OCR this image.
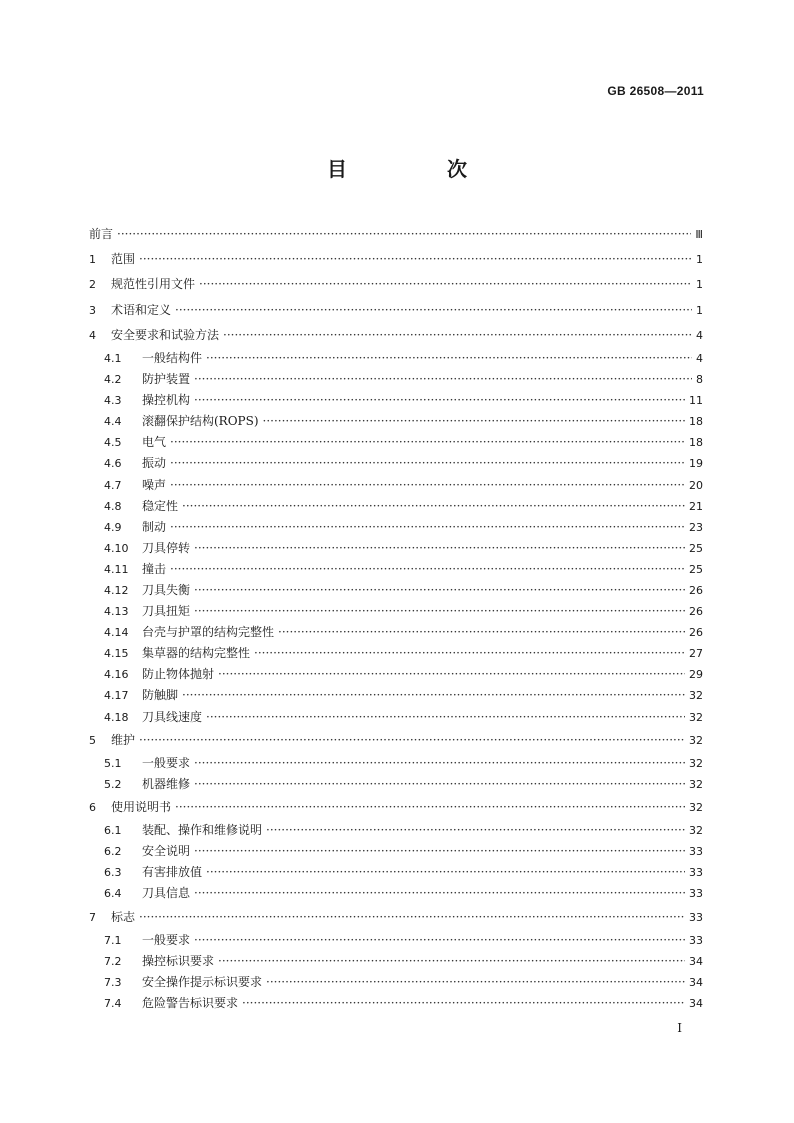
GB 26508—2011
目　次
前言 ·····	Ⅲ
1	范围 ·····	1
2	规范性引用文件 ·····	1
3	术语和定义 ·····	1
4	安全要求和试验方法 ·····	4
4.1	一般结构件 ·····	4
4.2	防护装置 ·····	8
4.3	操控机构 ·····	11
4.4	滚翻保护结构(ROPS) ·····	18
4.5	电气 ·····	18
4.6	振动 ·····	19
4.7	噪声 ·····	20
4.8	稳定性 ·····	21
4.9	制动 ·····	23
4.10	刀具停转 ·····	25
4.11	撞击 ·····	25
4.12	刀具失衡 ·····	26
4.13	刀具扭矩 ·····	26
4.14	台壳与护罩的结构完整性 ·····	26
4.15	集草器的结构完整性 ·····	27
4.16	防止物体抛射 ·····	29
4.17	防触脚 ·····	32
4.18	刀具线速度 ·····	32
5	维护 ·····	32
5.1	一般要求 ·····	32
5.2	机器维修 ·····	32
6	使用说明书 ·····	32
6.1	装配、操作和维修说明 ·····	32
6.2	安全说明 ·····	33
6.3	有害排放值 ·····	33
6.4	刀具信息 ·····	33
7	标志 ·····	33
7.1	一般要求 ·····	33
7.2	操控标识要求 ·····	34
7.3	安全操作提示标识要求 ·····	34
7.4	危险警告标识要求 ·····	34
Ⅰ
